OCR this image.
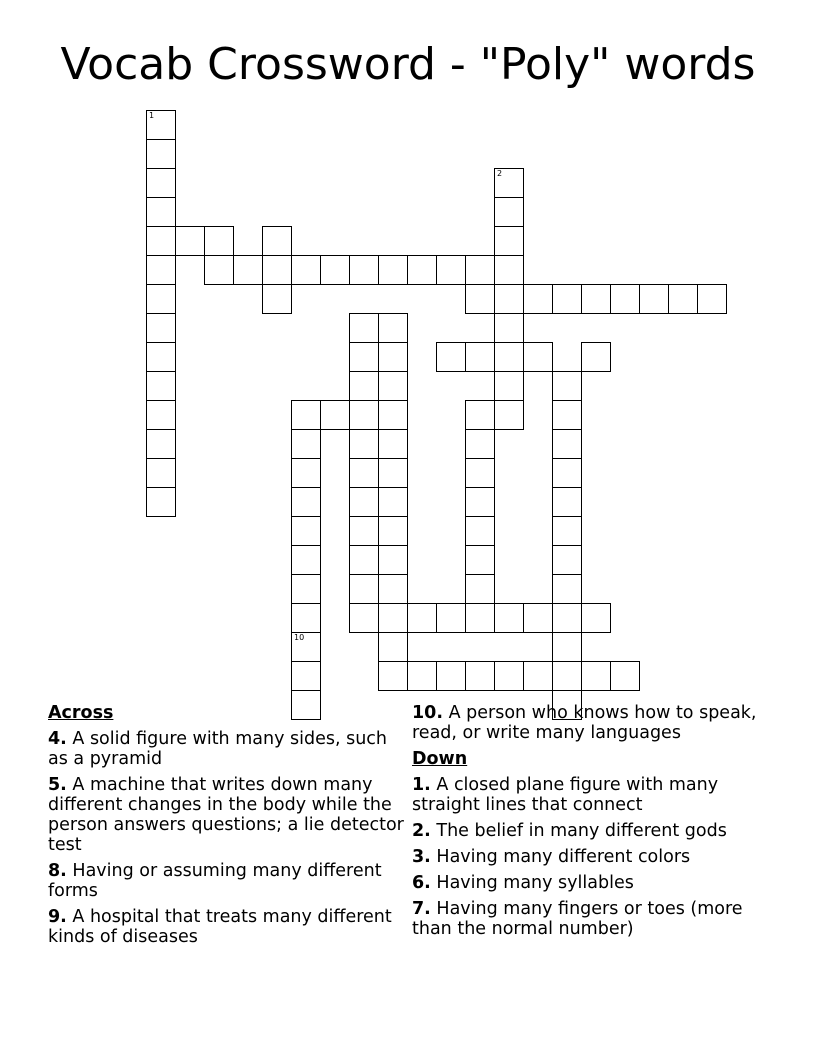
Vocab Crossword - "Poly" words
1
2
10
Across
4. A solid figure with many sides, such as a pyramid
5. A machine that writes down many different changes in the body while the person answers questions; a lie detector test
8. Having or assuming many different forms
9. A hospital that treats many different kinds of diseases
10. A person who knows how to speak, read, or write many languages
Down
1. A closed plane figure with many straight lines that connect
2. The belief in many different gods
3. Having many different colors
6. Having many syllables
7. Having many fingers or toes (more than the normal number)
